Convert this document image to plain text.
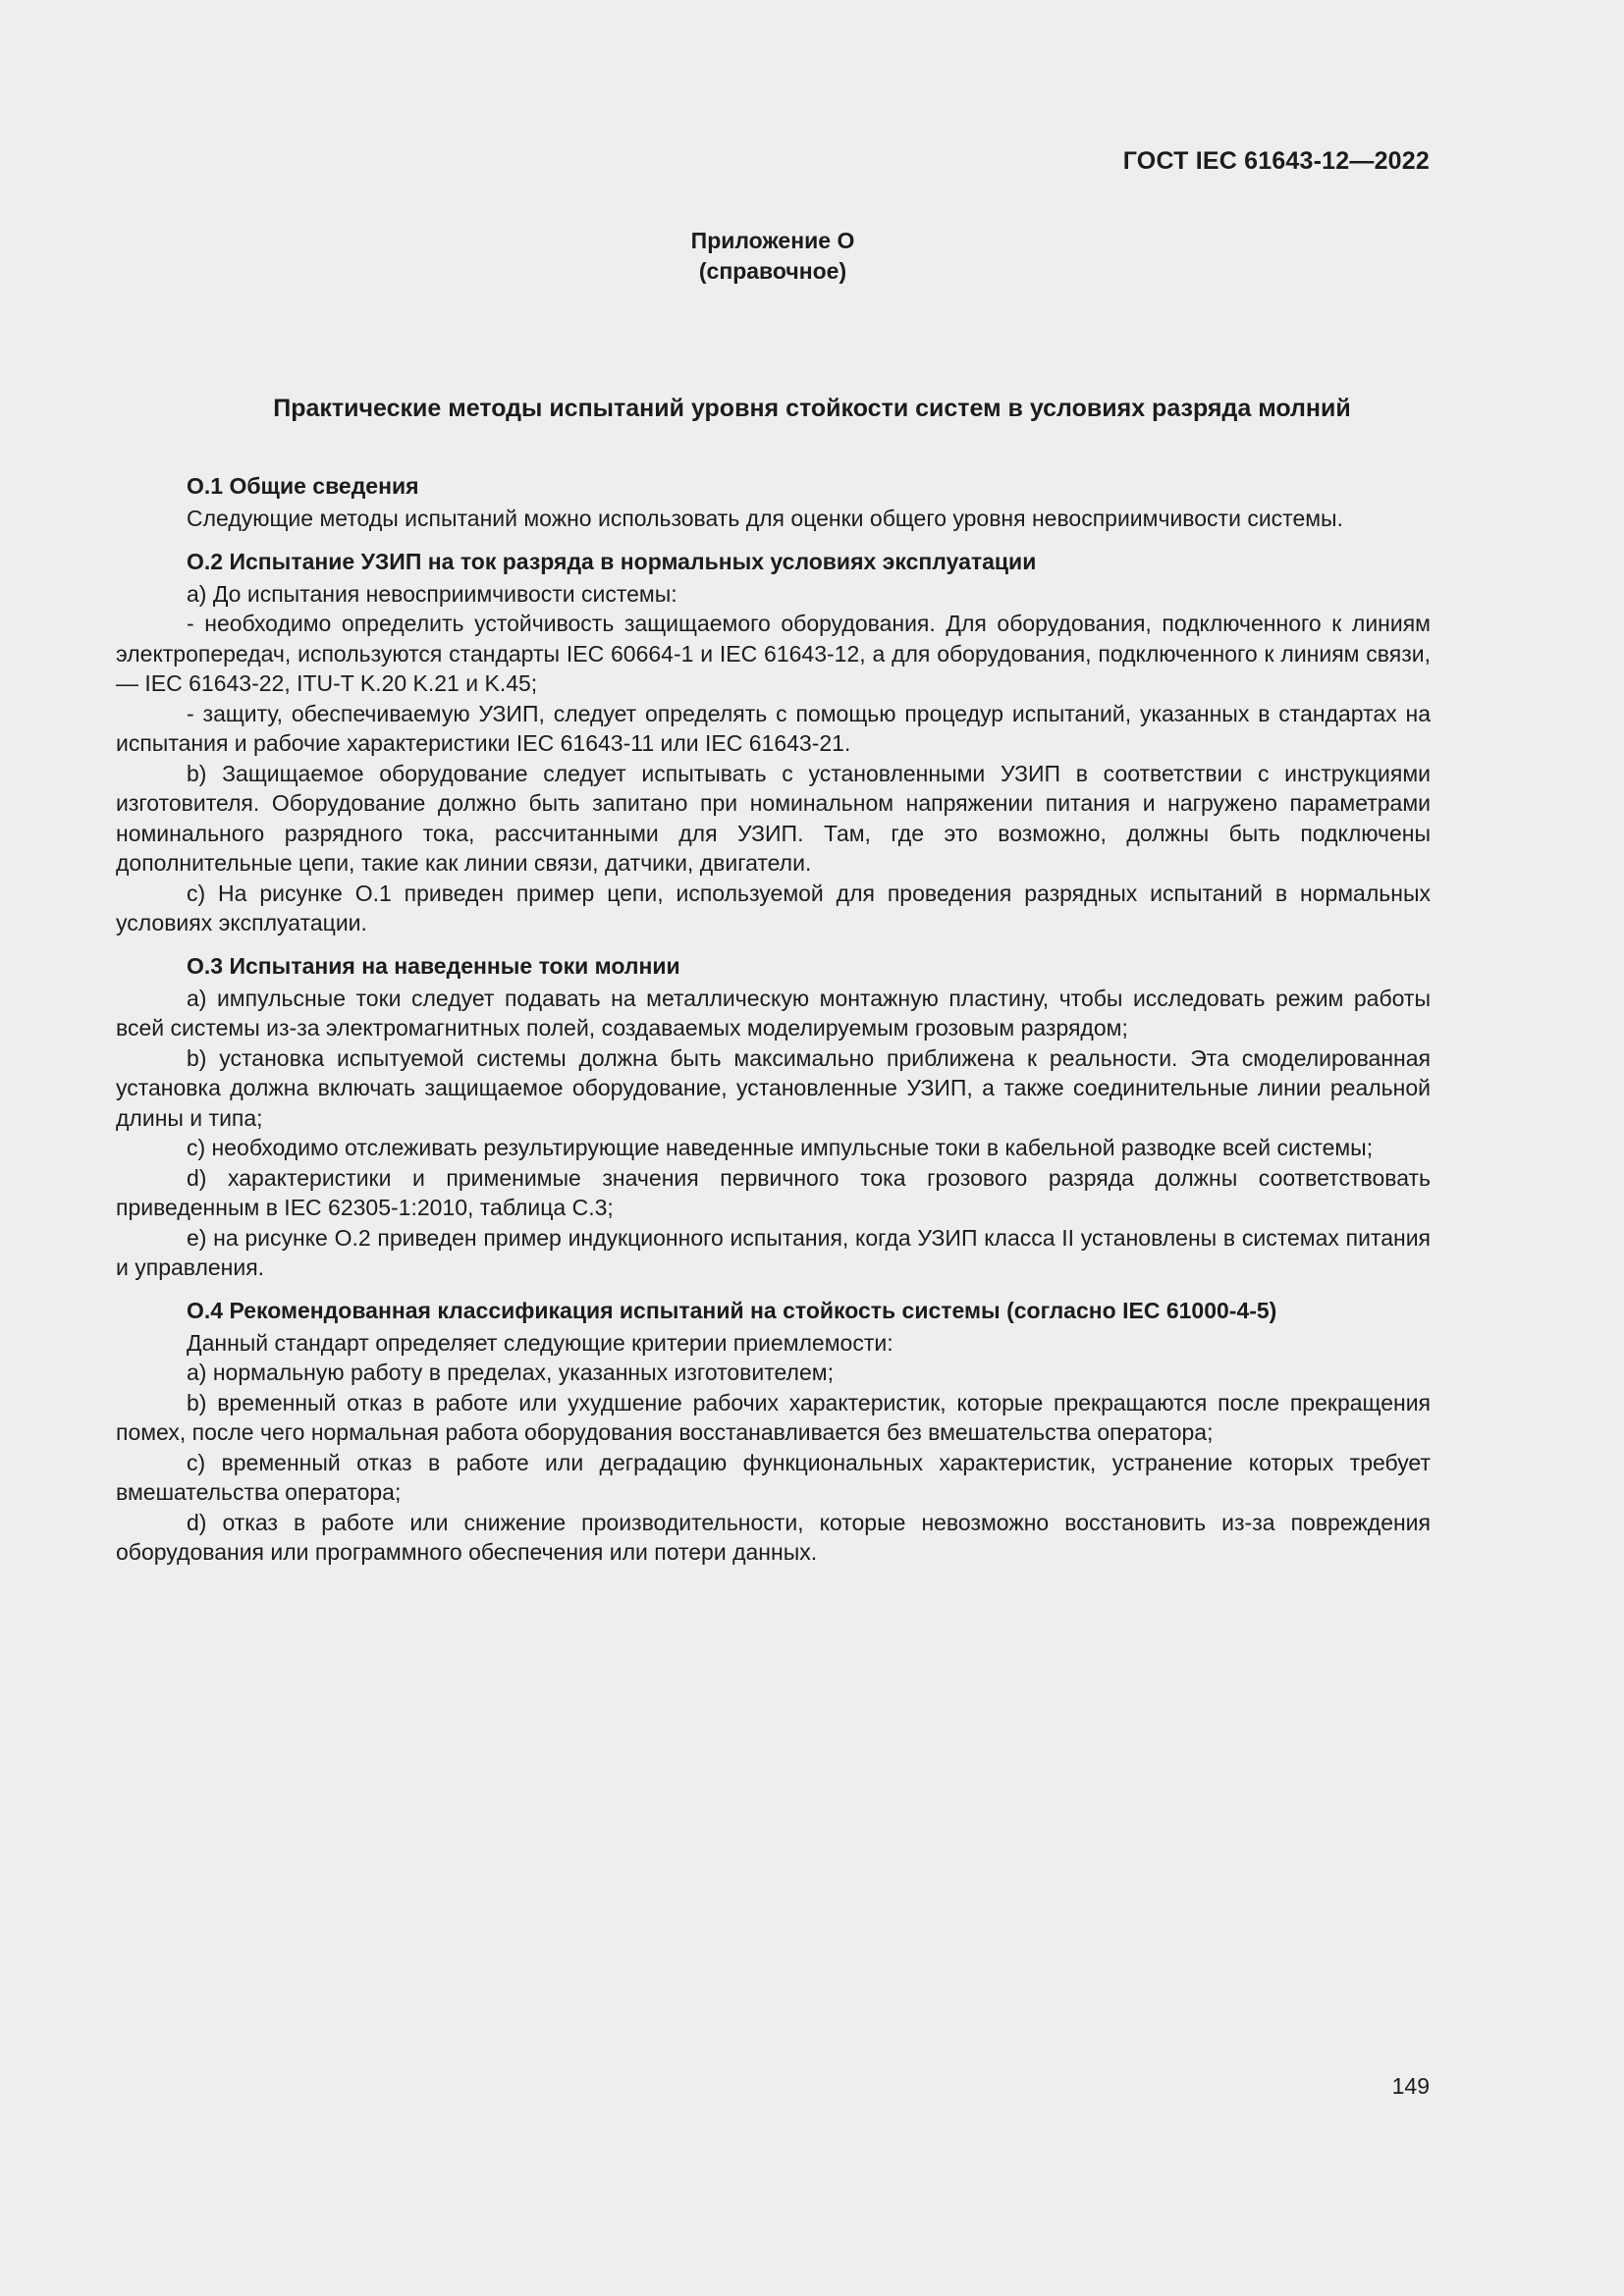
ГОСТ IEC 61643-12—2022
Приложение О
(справочное)
Практические методы испытаний уровня стойкости систем в условиях разряда молний
О.1 Общие сведения

Следующие методы испытаний можно использовать для оценки общего уровня невосприимчивости системы.

О.2 Испытание УЗИП на ток разряда в нормальных условиях эксплуатации

a) До испытания невосприимчивости системы:

- необходимо определить устойчивость защищаемого оборудования. Для оборудования, подключенного к линиям электропередач, используются стандарты IEC 60664-1 и IEC 61643-12, а для оборудования, подключенного к линиям связи, — IEC 61643-22, ITU-T K.20 K.21 и K.45;

- защиту, обеспечиваемую УЗИП, следует определять с помощью процедур испытаний, указанных в стандартах на испытания и рабочие характеристики IEC 61643-11 или IEC 61643-21.

b) Защищаемое оборудование следует испытывать с установленными УЗИП в соответствии с инструкциями изготовителя. Оборудование должно быть запитано при номинальном напряжении питания и нагружено параметрами номинального разрядного тока, рассчитанными для УЗИП. Там, где это возможно, должны быть подключены дополнительные цепи, такие как линии связи, датчики, двигатели.

c) На рисунке О.1 приведен пример цепи, используемой для проведения разрядных испытаний в нормальных условиях эксплуатации.

О.3 Испытания на наведенные токи молнии

a) импульсные токи следует подавать на металлическую монтажную пластину, чтобы исследовать режим работы всей системы из-за электромагнитных полей, создаваемых моделируемым грозовым разрядом;

b) установка испытуемой системы должна быть максимально приближена к реальности. Эта смоделированная установка должна включать защищаемое оборудование, установленные УЗИП, а также соединительные линии реальной длины и типа;

c) необходимо отслеживать результирующие наведенные импульсные токи в кабельной разводке всей системы;

d) характеристики и применимые значения первичного тока грозового разряда должны соответствовать приведенным в IEC 62305-1:2010, таблица С.3;

e) на рисунке О.2 приведен пример индукционного испытания, когда УЗИП класса II установлены в системах питания и управления.

О.4 Рекомендованная классификация испытаний на стойкость системы (согласно IEC 61000-4-5)

Данный стандарт определяет следующие критерии приемлемости:

a) нормальную работу в пределах, указанных изготовителем;

b) временный отказ в работе или ухудшение рабочих характеристик, которые прекращаются после прекращения помех, после чего нормальная работа оборудования восстанавливается без вмешательства оператора;

c) временный отказ в работе или деградацию функциональных характеристик, устранение которых требует вмешательства оператора;

d) отказ в работе или снижение производительности, которые невозможно восстановить из-за повреждения оборудования или программного обеспечения или потери данных.

149
